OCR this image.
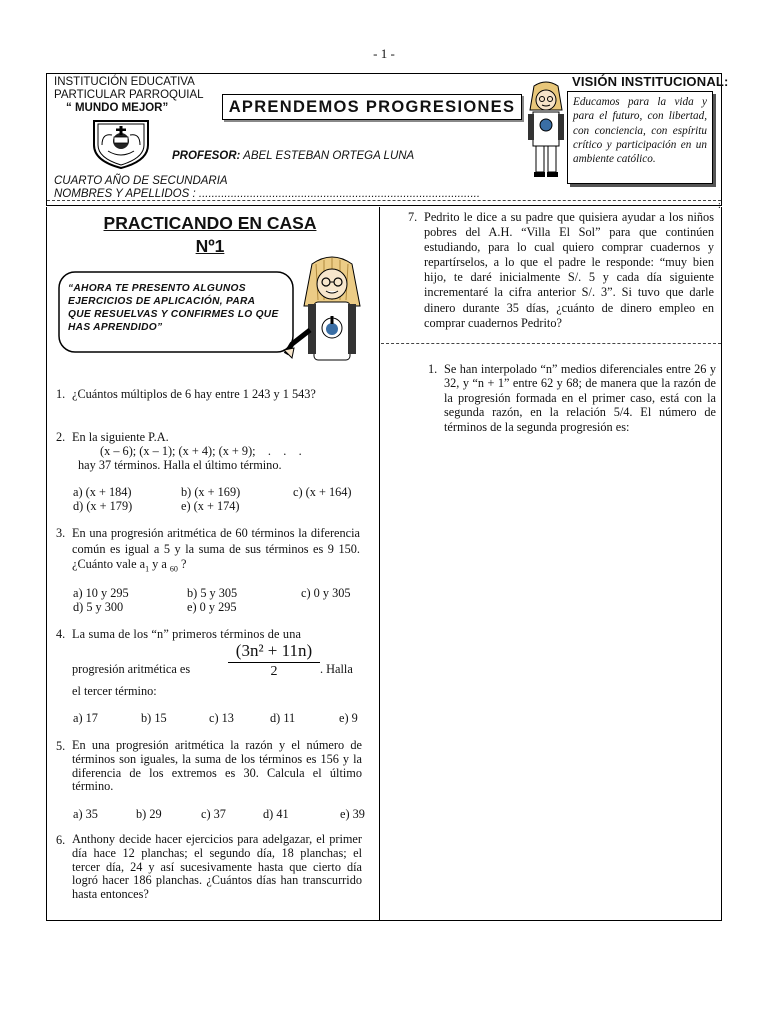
- 1 -
:
INSTITUCIÓN EDUCATIVA
PARTICULAR PARROQUIAL
“ MUNDO MEJOR”	APRENDEMOS PROGRESIONES
PROFESOR: ABEL ESTEBAN ORTEGA LUNA
CUARTO AÑO DE SECUNDARIA
NOMBRES Y APELLIDOS : ........................................................................................
VISIÓN INSTITUCIONAL:
Educamos para la vida y para el futuro, con libertad, con conciencia, con espíritu crítico y participación en un ambiente católico.
PRACTICANDO EN CASA
Nº1
“AHORA TE PRESENTO ALGUNOS EJERCICIOS DE APLICACIÓN, PARA QUE RESUELVAS Y CONFIRMES LO QUE HAS APRENDIDO”
1. ¿Cuántos múltiplos de 6 hay entre 1 243 y 1 543?
2. En la siguiente P.A.
(x – 6); (x – 1); (x + 4); (x + 9);    .    .    .
hay 37 términos. Halla el último término.
a) (x + 184)	b) (x + 169)	c) (x + 164)
d) (x + 179)	e) (x + 174)
3. En una progresión aritmética de 60 términos la diferencia común es igual a 5 y la suma de sus términos es 9 150. ¿Cuánto vale $a_1$ y a $_{60}$ ?
a) 10 y 295	b) 5 y 305	c) 0 y 305
d) 5 y 300	e) 0 y 295
4. La suma de los “n” primeros términos de una
progresión aritmética es
(3n² + 11n)
2	. Halla
el tercer término:
a) 17	b) 15	c) 13	d) 11	e) 9
5. En una progresión aritmética la razón y el número de términos son iguales, la suma de los términos es 156 y la diferencia de los extremos es 30. Calcula el último término.
a) 35	b) 29	c) 37	d) 41	e) 39
6. Anthony decide hacer ejercicios para adelgazar, el primer día hace 12 planchas; el segundo día, 18 planchas; el tercer día, 24 y así sucesivamente hasta que cierto día logró hacer 186 planchas. ¿Cuántos días han transcurrido hasta entonces?
7. Pedrito le dice a su padre que quisiera ayudar a los niños pobres del A.H. “Villa El Sol” para que continúen estudiando, para lo cual quiero comprar cuadernos y repartírselos, a lo que el padre le responde: “muy bien hijo, te daré inicialmente S/. 5 y cada día siguiente incrementaré la cifra anterior S/. 3”. Si tuvo que darle dinero durante 35 días, ¿cuánto de dinero empleo en comprar cuadernos Pedrito?
1. Se han interpolado “n” medios diferenciales entre 26 y 32, y “n + 1” entre 62 y 68; de manera que la razón de la progresión formada en el primer caso, está con la segunda razón, en la relación 5/4. El número de términos de la segunda progresión es:
